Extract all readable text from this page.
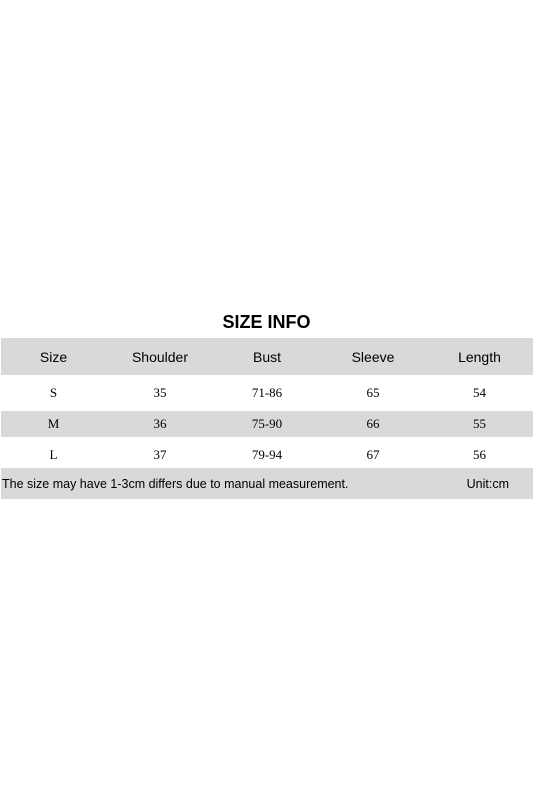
SIZE INFO
Size	Shoulder	Bust	Sleeve	Length
S	35	71-86	65	54
M	36	75-90	66	55
L	37	79-94	67	56
The size may have 1-3cm differs due to manual measurement.	Unit:cm
